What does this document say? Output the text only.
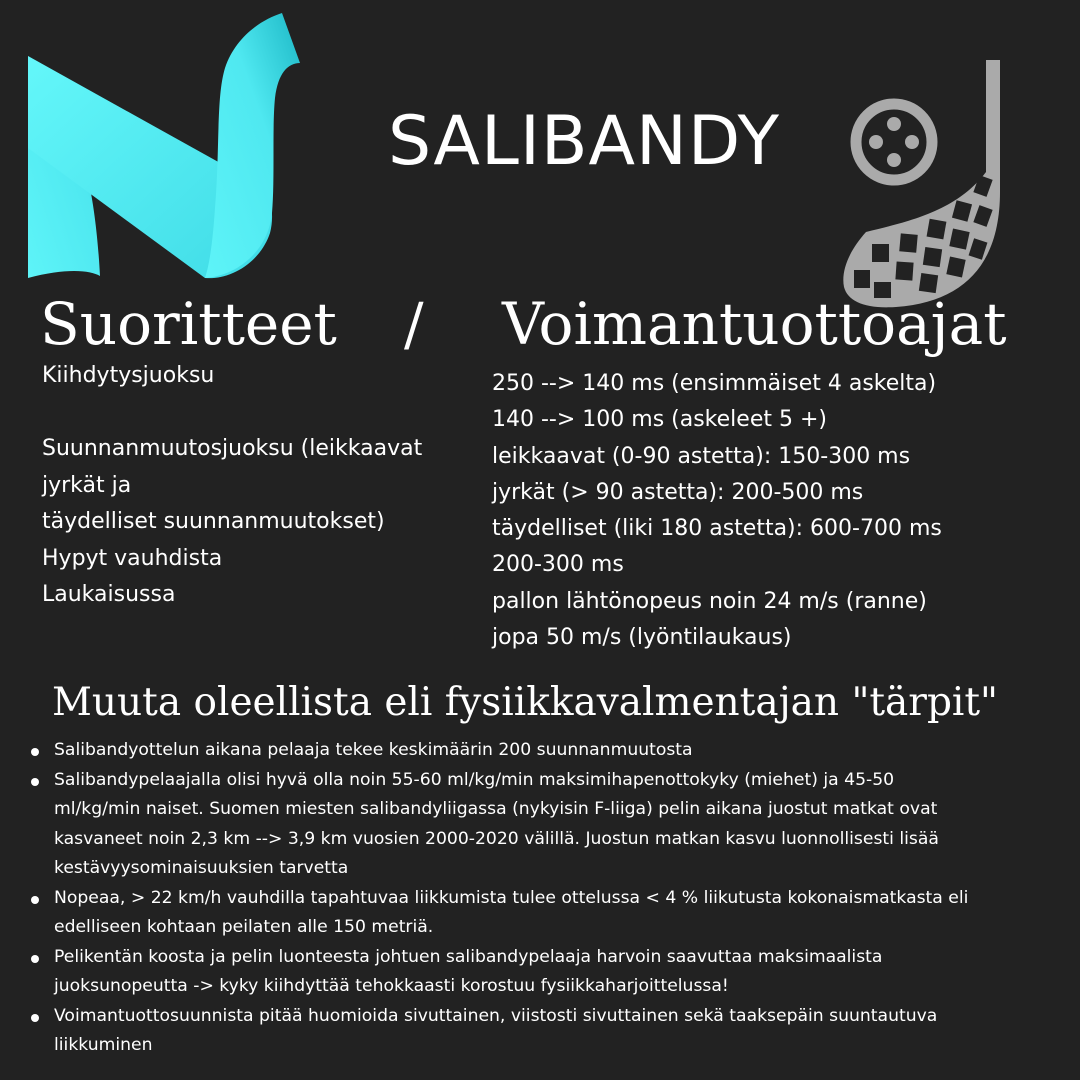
SALIBANDY
Suoritteet / Voimantuottoajat
Kiihdytysjuoksu
Suunnanmuutosjuoksu (leikkaavat
jyrkät ja
täydelliset suunnanmuutokset)
Hypyt vauhdista
Laukaisussa
250 --> 140 ms (ensimmäiset 4 askelta)
140 --> 100 ms (askeleet 5 +)
leikkaavat (0-90 astetta): 150-300 ms
jyrkät (> 90 astetta): 200-500 ms
täydelliset (liki 180 astetta): 600-700 ms
200-300 ms
pallon lähtönopeus noin 24 m/s (ranne)
jopa 50 m/s (lyöntilaukaus)
Muuta oleellista eli fysiikkavalmentajan "tärpit"
Salibandyottelun aikana pelaaja tekee keskimäärin 200 suunnanmuutosta
Salibandypelaajalla olisi hyvä olla noin 55-60 ml/kg/min maksimihapenottokyky (miehet) ja 45-50
ml/kg/min naiset. Suomen miesten salibandyliigassa (nykyisin F-liiga) pelin aikana juostut matkat ovat
kasvaneet noin 2,3 km --> 3,9 km vuosien 2000-2020 välillä. Juostun matkan kasvu luonnollisesti lisää
kestävyysominaisuuksien tarvetta
Nopeaa, > 22 km/h vauhdilla tapahtuvaa liikkumista tulee ottelussa < 4 % liikutusta kokonaismatkasta eli
edelliseen kohtaan peilaten alle 150 metriä.
Pelikentän koosta ja pelin luonteesta johtuen salibandypelaaja harvoin saavuttaa maksimaalista
juoksunopeutta -> kyky kiihdyttää tehokkaasti korostuu fysiikkaharjoittelussa!
Voimantuottosuunnista pitää huomioida sivuttainen, viistosti sivuttainen sekä taaksepäin suuntautuva
liikkuminen
